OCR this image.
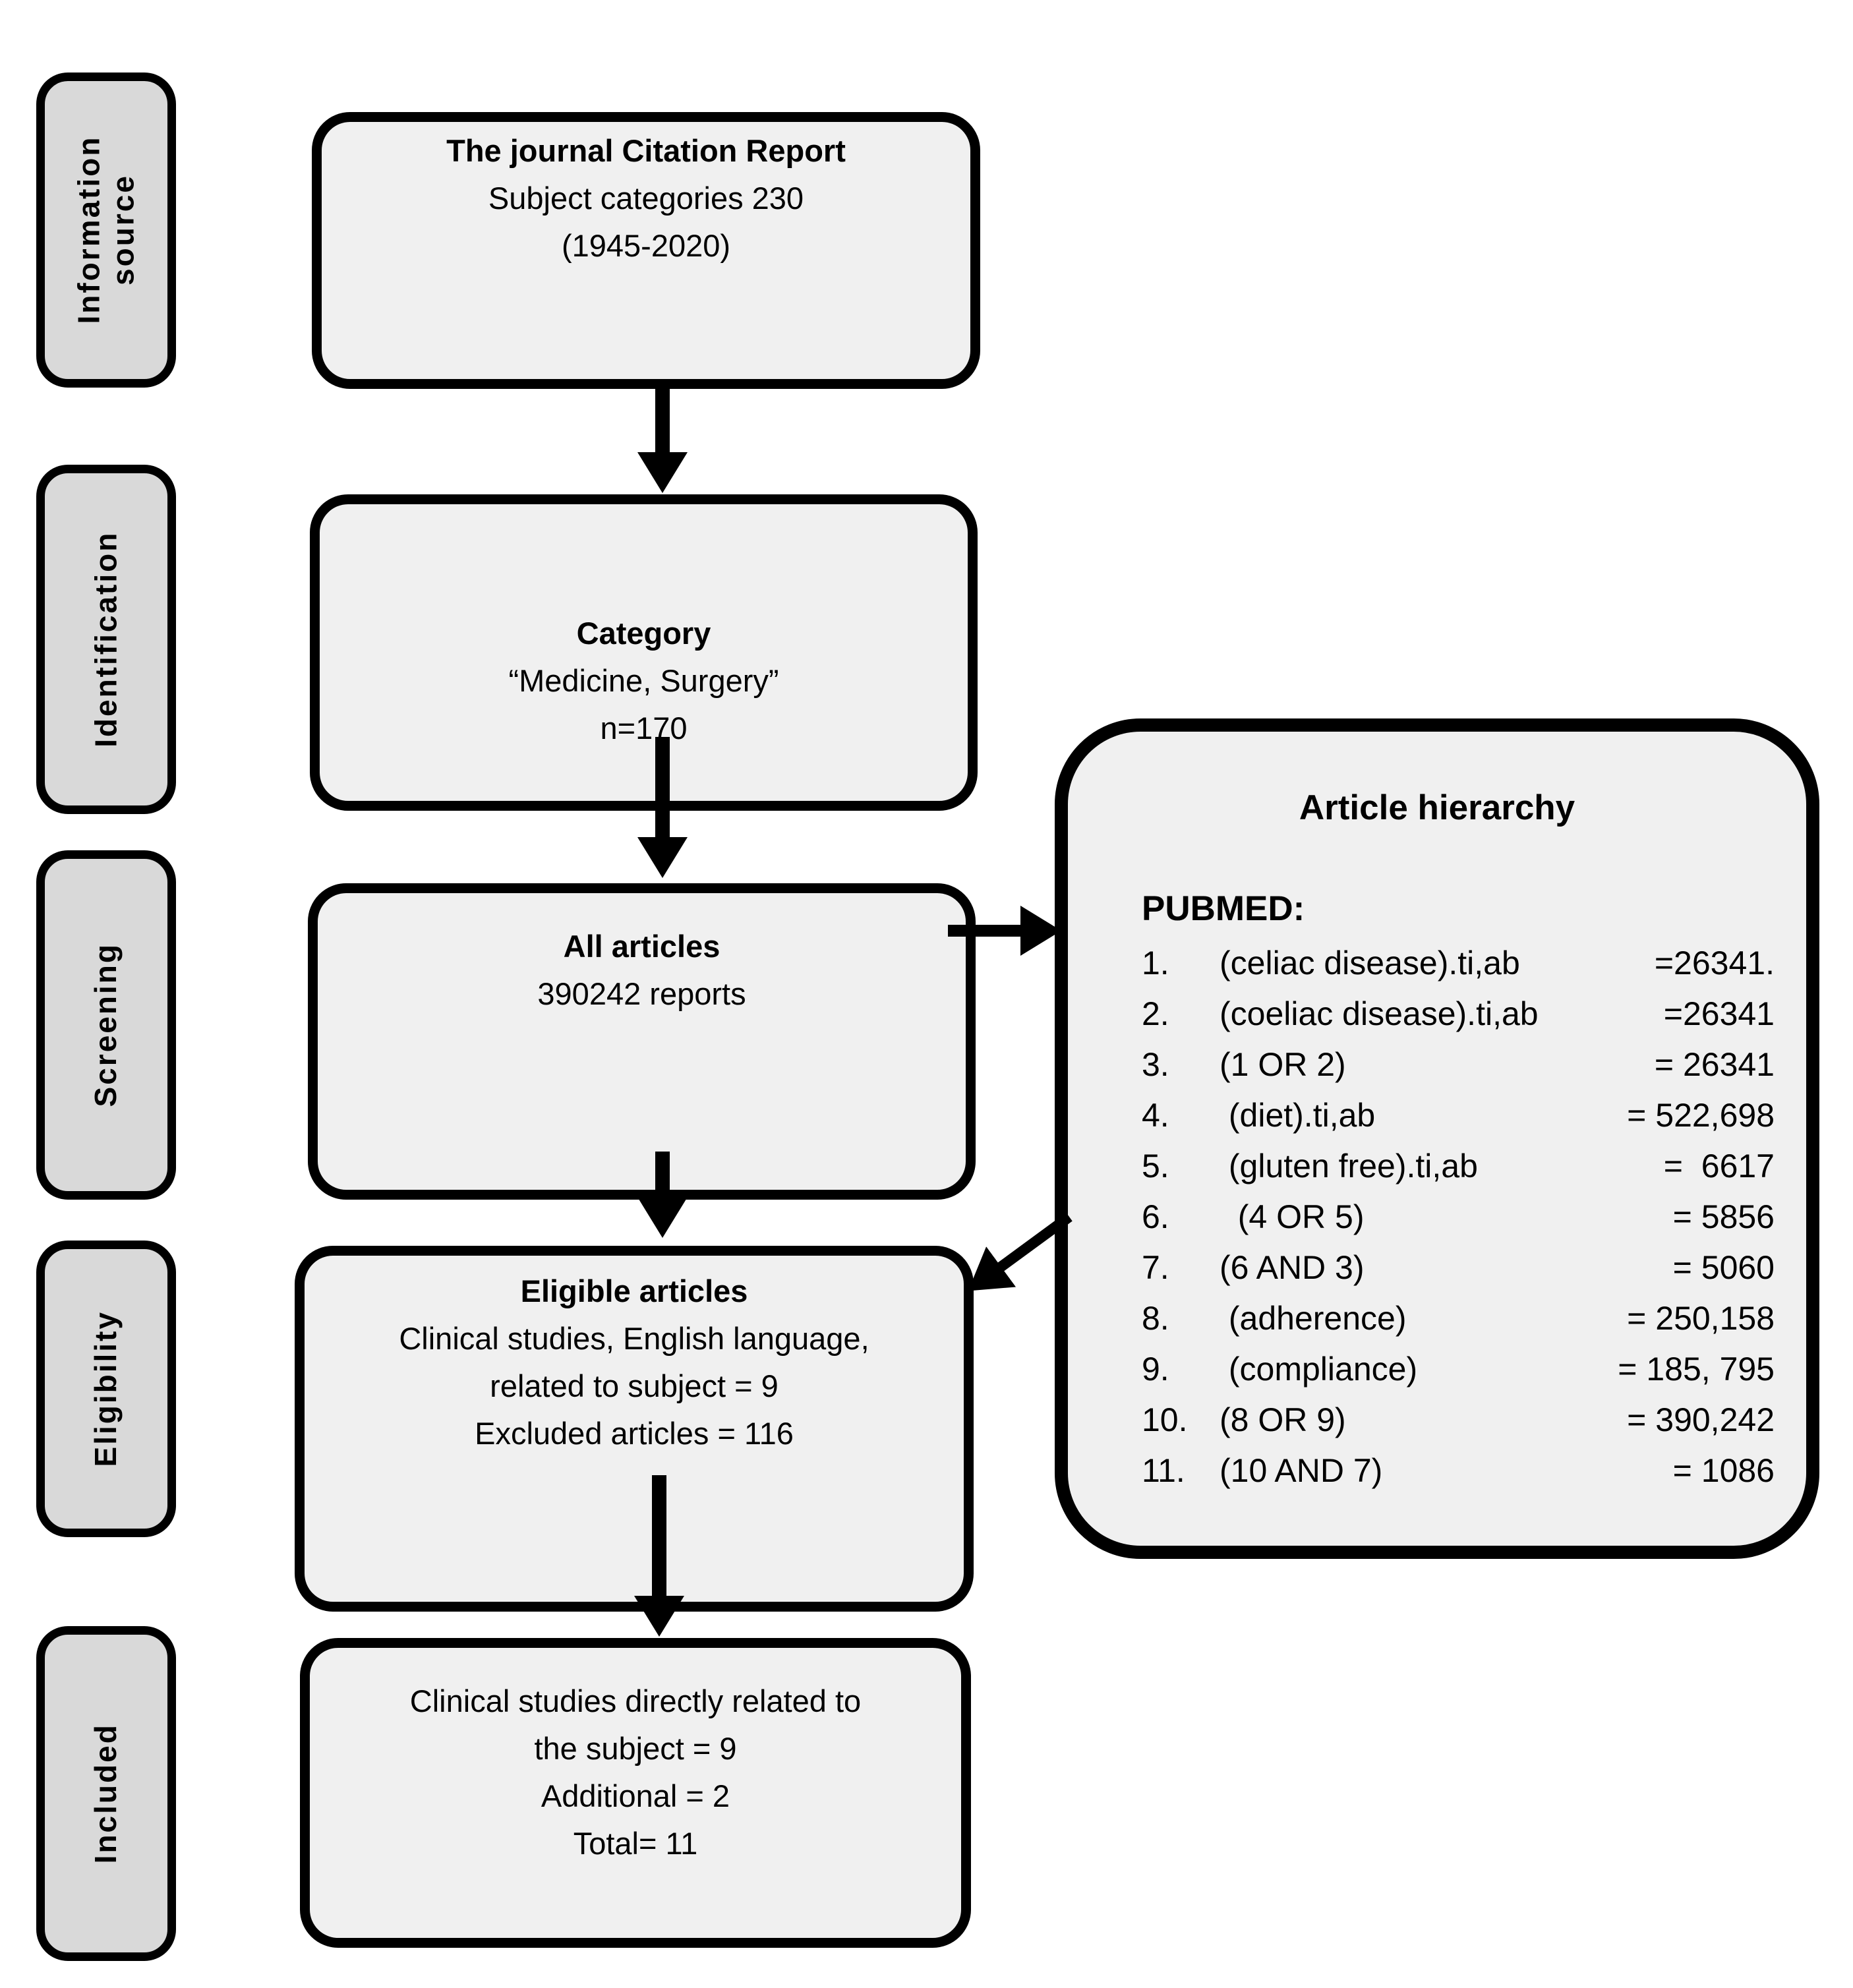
Information source
Identification
Screening
Eligibility
Included
The journal Citation Report
Subject categories 230
(1945-2020)
Category
“Medicine, Surgery”
n=170
All articles
390242 reports
Eligible articles
Clinical studies, English language,
related to subject = 9
Excluded articles = 116
Clinical studies directly related to
the subject = 9
Additional = 2
Total= 11
Article hierarchy
PUBMED:
1.	(celiac disease).ti,ab	=26341.
2.	(coeliac disease).ti,ab	=26341
3.	(1 OR 2)	= 26341
4.	(diet).ti,ab	= 522,698
5.	(gluten free).ti,ab	=  6617
6.	(4 OR 5)	= 5856
7.	(6 AND 3)	= 5060
8.	(adherence)	= 250,158
9.	(compliance)	= 185, 795
10. (8 OR 9)	= 390,242
11.	(10 AND 7)	= 1086
